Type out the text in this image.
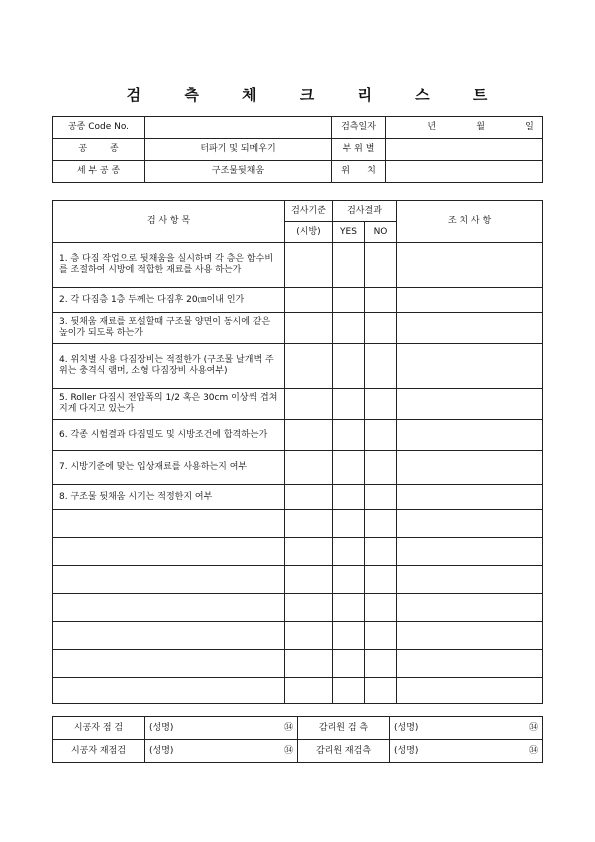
검 측 체 크 리 스 트
공종 Code No.		검측일자	년 월 일
공        종	터파기 및 되메우기	부 위 별	
세 부 공 종	구조물뒷채움	위      치	
검 사 항 목	검사기준	검사결과		조 치 사 항
	(시방)	YES	NO	
1. 층 다짐 작업으로 뒷채움을 실시하며 각 층은 함수비를 조절하여 시방에 적합한 재료를 사용 하는가				
2. 각 다짐층 1층 두께는 다짐후 20㎝이내 인가				
3. 뒷채움 재료를 포설할때 구조물 양면이 동시에 같은 높이가 되도록 하는가				
4. 위치별 사용 다짐장비는 적절한가 (구조물 날개벽 주위는 충격식 램머, 소형 다짐장비 사용여부)				
5. Roller 다짐시 전압폭의 1/2 혹은 30cm 이상씩 겹쳐지게 다지고 있는가				
6. 각종 시험결과 다짐밀도 및 시방조건에 합격하는가				
7. 시방기준에 맞는 입상재료를 사용하는지 여부				
8. 구조물 뒷채움 시기는 적정한지 여부				

시공자 점 검	(성명) ㉞	감리원 검 측	(성명) ㉞

시공자 재점검	(성명) ㉞	감리원 재검측	(성명) ㉞
